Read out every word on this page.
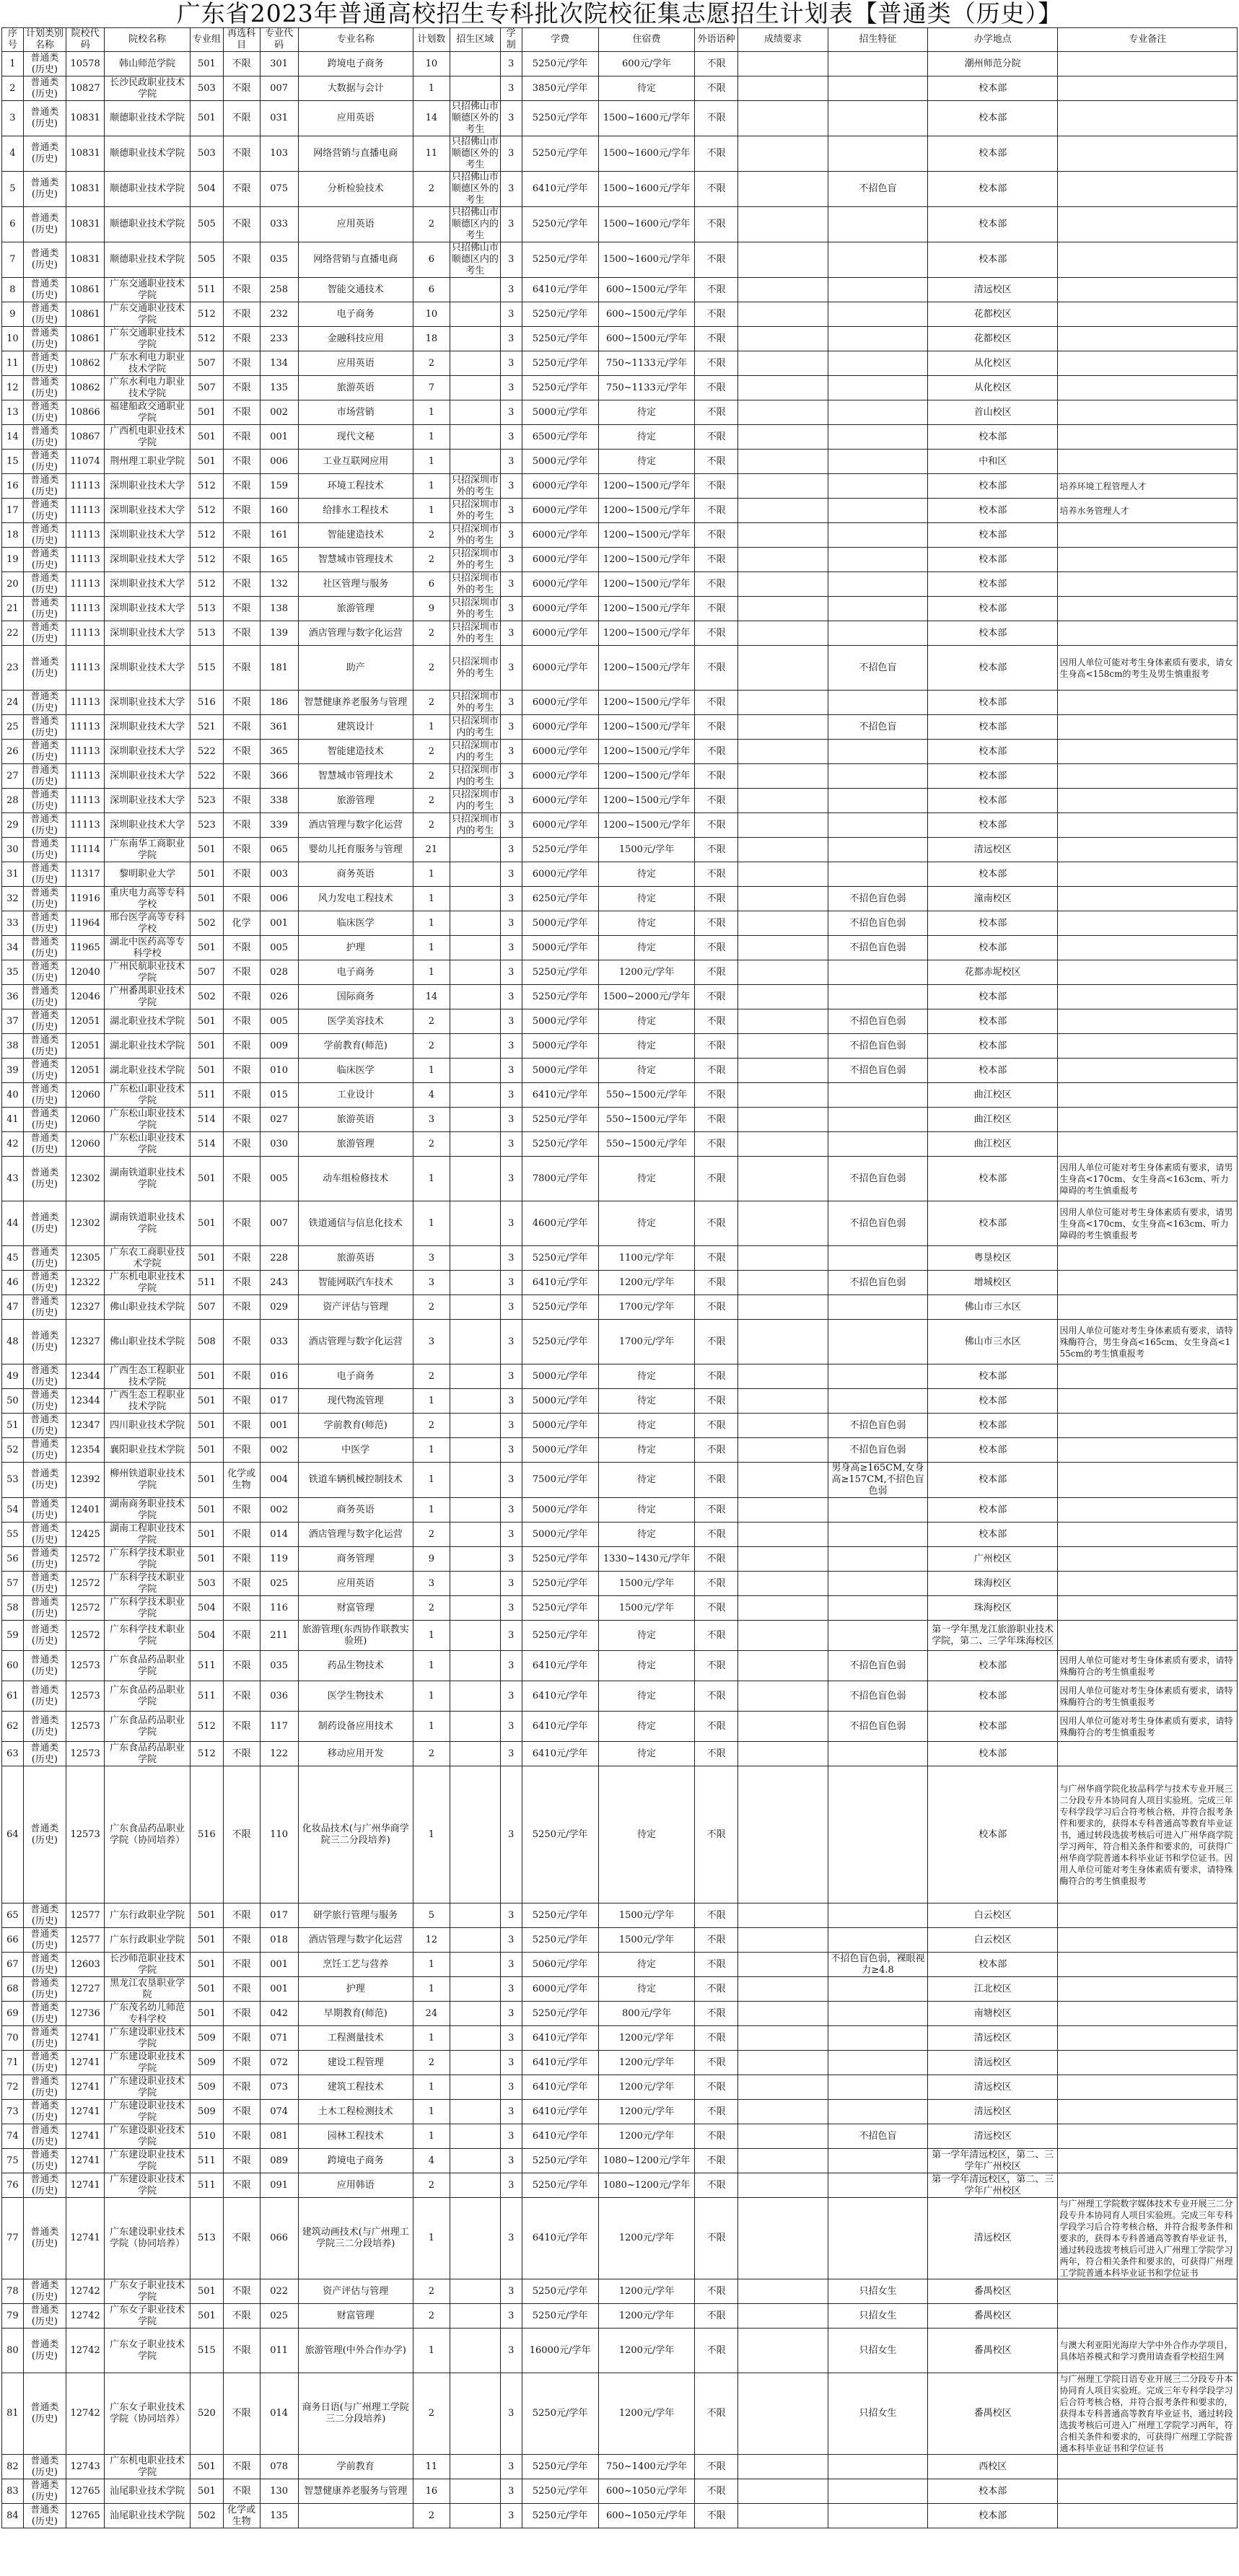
广东省2023年普通高校招生专科批次院校征集志愿招生计划表【普通类（历史）】
序号	计划类别名称	院校代码	院校名称	专业组	再选科目	专业代码	专业名称	计划数	招生区域	学制	学费	住宿费	外语语种	成绩要求	招生特征	办学地点	专业备注
1	普通类(历史)	10578	韩山师范学院	501	不限	301	跨境电子商务	10		3	5250元/学年	600元/学年	不限			潮州师范分院	
2	普通类(历史)	10827	长沙民政职业技术学院	503	不限	007	大数据与会计	1		3	3850元/学年	待定	不限			校本部	
3	普通类(历史)	10831	顺德职业技术学院	501	不限	031	应用英语	14	只招佛山市顺德区外的考生	3	5250元/学年	1500~1600元/学年	不限			校本部	
4	普通类(历史)	10831	顺德职业技术学院	503	不限	103	网络营销与直播电商	11	只招佛山市顺德区外的考生	3	5250元/学年	1500~1600元/学年	不限			校本部	
5	普通类(历史)	10831	顺德职业技术学院	504	不限	075	分析检验技术	2	只招佛山市顺德区外的考生	3	6410元/学年	1500~1600元/学年	不限		不招色盲	校本部	
6	普通类(历史)	10831	顺德职业技术学院	505	不限	033	应用英语	2	只招佛山市顺德区内的考生	3	5250元/学年	1500~1600元/学年	不限			校本部	
7	普通类(历史)	10831	顺德职业技术学院	505	不限	035	网络营销与直播电商	6	只招佛山市顺德区内的考生	3	5250元/学年	1500~1600元/学年	不限			校本部	
8	普通类(历史)	10861	广东交通职业技术学院	511	不限	258	智能交通技术	6		3	6410元/学年	600~1500元/学年	不限			清远校区	
9	普通类(历史)	10861	广东交通职业技术学院	512	不限	232	电子商务	10		3	5250元/学年	600~1500元/学年	不限			花都校区	
10	普通类(历史)	10861	广东交通职业技术学院	512	不限	233	金融科技应用	18		3	5250元/学年	600~1500元/学年	不限			花都校区	
11	普通类(历史)	10862	广东水利电力职业技术学院	507	不限	134	应用英语	2		3	5250元/学年	750~1133元/学年	不限			从化校区	
12	普通类(历史)	10862	广东水利电力职业技术学院	507	不限	135	旅游英语	7		3	5250元/学年	750~1133元/学年	不限			从化校区	
13	普通类(历史)	10866	福建船政交通职业学院	501	不限	002	市场营销	1		3	5000元/学年	待定	不限			首山校区	
14	普通类(历史)	10867	广西机电职业技术学院	501	不限	001	现代文秘	1		3	6500元/学年	待定	不限			校本部	
15	普通类(历史)	11074	荆州理工职业学院	501	不限	006	工业互联网应用	1		3	5000元/学年	待定	不限			中和区	
16	普通类(历史)	11113	深圳职业技术大学	512	不限	159	环境工程技术	1	只招深圳市外的考生	3	6000元/学年	1200~1500元/学年	不限			校本部	培养环境工程管理人才
17	普通类(历史)	11113	深圳职业技术大学	512	不限	160	给排水工程技术	1	只招深圳市外的考生	3	6000元/学年	1200~1500元/学年	不限			校本部	培养水务管理人才
18	普通类(历史)	11113	深圳职业技术大学	512	不限	161	智能建造技术	2	只招深圳市外的考生	3	6000元/学年	1200~1500元/学年	不限			校本部	
19	普通类(历史)	11113	深圳职业技术大学	512	不限	165	智慧城市管理技术	2	只招深圳市外的考生	3	6000元/学年	1200~1500元/学年	不限			校本部	
20	普通类(历史)	11113	深圳职业技术大学	512	不限	132	社区管理与服务	6	只招深圳市外的考生	3	6000元/学年	1200~1500元/学年	不限			校本部	
21	普通类(历史)	11113	深圳职业技术大学	513	不限	138	旅游管理	9	只招深圳市外的考生	3	6000元/学年	1200~1500元/学年	不限			校本部	
22	普通类(历史)	11113	深圳职业技术大学	513	不限	139	酒店管理与数字化运营	2	只招深圳市外的考生	3	6000元/学年	1200~1500元/学年	不限			校本部	
23	普通类(历史)	11113	深圳职业技术大学	515	不限	181	助产	2	只招深圳市外的考生	3	6000元/学年	1200~1500元/学年	不限		不招色盲	校本部	因用人单位可能对考生身体素质有要求，请女生身高<158cm的考生及男生慎重报考
24	普通类(历史)	11113	深圳职业技术大学	516	不限	186	智慧健康养老服务与管理	2	只招深圳市外的考生	3	6000元/学年	1200~1500元/学年	不限			校本部	
25	普通类(历史)	11113	深圳职业技术大学	521	不限	361	建筑设计	1	只招深圳市内的考生	3	6000元/学年	1200~1500元/学年	不限		不招色盲	校本部	
26	普通类(历史)	11113	深圳职业技术大学	522	不限	365	智能建造技术	2	只招深圳市内的考生	3	6000元/学年	1200~1500元/学年	不限			校本部	
27	普通类(历史)	11113	深圳职业技术大学	522	不限	366	智慧城市管理技术	2	只招深圳市内的考生	3	6000元/学年	1200~1500元/学年	不限			校本部	
28	普通类(历史)	11113	深圳职业技术大学	523	不限	338	旅游管理	2	只招深圳市内的考生	3	6000元/学年	1200~1500元/学年	不限			校本部	
29	普通类(历史)	11113	深圳职业技术大学	523	不限	339	酒店管理与数字化运营	2	只招深圳市内的考生	3	6000元/学年	1200~1500元/学年	不限			校本部	
30	普通类(历史)	11114	广东南华工商职业学院	501	不限	065	婴幼儿托育服务与管理	21		3	5250元/学年	1500元/学年	不限			清远校区	
31	普通类(历史)	11317	黎明职业大学	501	不限	003	商务英语	1		3	6000元/学年	待定	不限			校本部	
32	普通类(历史)	11916	重庆电力高等专科学校	501	不限	006	风力发电工程技术	1		3	6250元/学年	待定	不限		不招色盲色弱	潼南校区	
33	普通类(历史)	11964	邢台医学高等专科学校	502	化学	001	临床医学	1		3	5000元/学年	待定	不限		不招色盲色弱	校本部	
34	普通类(历史)	11965	湖北中医药高等专科学校	501	不限	005	护理	1		3	5000元/学年	待定	不限		不招色盲色弱	校本部	
35	普通类(历史)	12040	广州民航职业技术学院	507	不限	028	电子商务	1		3	5250元/学年	1200元/学年	不限			花都赤坭校区	
36	普通类(历史)	12046	广州番禺职业技术学院	502	不限	026	国际商务	14		3	5250元/学年	1500~2000元/学年	不限			校本部	
37	普通类(历史)	12051	湖北职业技术学院	501	不限	005	医学美容技术	2		3	5000元/学年	待定	不限		不招色盲色弱	校本部	
38	普通类(历史)	12051	湖北职业技术学院	501	不限	009	学前教育(师范)	2		3	5000元/学年	待定	不限		不招色盲色弱	校本部	
39	普通类(历史)	12051	湖北职业技术学院	501	不限	010	临床医学	1		3	5000元/学年	待定	不限		不招色盲色弱	校本部	
40	普通类(历史)	12060	广东松山职业技术学院	511	不限	015	工业设计	4		3	6410元/学年	550~1500元/学年	不限			曲江校区	
41	普通类(历史)	12060	广东松山职业技术学院	514	不限	027	旅游英语	3		3	5250元/学年	550~1500元/学年	不限			曲江校区	
42	普通类(历史)	12060	广东松山职业技术学院	514	不限	030	旅游管理	2		3	5250元/学年	550~1500元/学年	不限			曲江校区	
43	普通类(历史)	12302	湖南铁道职业技术学院	501	不限	005	动车组检修技术	1		3	7800元/学年	待定	不限		不招色盲色弱	校本部	因用人单位可能对考生身体素质有要求，请男生身高<170cm、女生身高<163cm、听力障碍的考生慎重报考
44	普通类(历史)	12302	湖南铁道职业技术学院	501	不限	007	铁道通信与信息化技术	1		3	4600元/学年	待定	不限		不招色盲色弱	校本部	因用人单位可能对考生身体素质有要求，请男生身高<170cm、女生身高<163cm、听力障碍的考生慎重报考
45	普通类(历史)	12305	广东农工商职业技术学院	501	不限	228	旅游英语	3		3	5250元/学年	1100元/学年	不限			粤垦校区	
46	普通类(历史)	12322	广东机电职业技术学院	511	不限	243	智能网联汽车技术	3		3	6410元/学年	1200元/学年	不限		不招色盲色弱	增城校区	
47	普通类(历史)	12327	佛山职业技术学院	507	不限	029	资产评估与管理	2		3	5250元/学年	1700元/学年	不限			佛山市三水区	
48	普通类(历史)	12327	佛山职业技术学院	508	不限	033	酒店管理与数字化运营	3		3	5250元/学年	1700元/学年	不限			佛山市三水区	因用人单位可能对考生身体素质有要求，请特殊酶符合，男生身高<165cm、女生身高<155cm的考生慎重报考
49	普通类(历史)	12344	广西生态工程职业技术学院	501	不限	016	电子商务	2		3	5000元/学年	待定	不限			校本部	
50	普通类(历史)	12344	广西生态工程职业技术学院	501	不限	017	现代物流管理	1		3	5000元/学年	待定	不限			校本部	
51	普通类(历史)	12347	四川职业技术学院	501	不限	001	学前教育(师范)	2		3	5000元/学年	待定	不限		不招色盲色弱	校本部	
52	普通类(历史)	12354	襄阳职业技术学院	501	不限	002	中医学	1		3	5000元/学年	待定	不限		不招色盲色弱	校本部	
53	普通类(历史)	12392	柳州铁道职业技术学院	501	化学或生物	004	铁道车辆机械控制技术	1		3	7500元/学年	待定	不限		男身高≥165CM,女身高≥157CM,不招色盲色弱	校本部	
54	普通类(历史)	12401	湖南商务职业技术学院	501	不限	002	商务英语	1		3	5000元/学年	待定	不限			校本部	
55	普通类(历史)	12425	湖南工程职业技术学院	501	不限	014	酒店管理与数字化运营	2		3	5000元/学年	待定	不限			校本部	
56	普通类(历史)	12572	广东科学技术职业学院	501	不限	119	商务管理	9		3	5250元/学年	1330~1430元/学年	不限			广州校区	
57	普通类(历史)	12572	广东科学技术职业学院	503	不限	025	应用英语	3		3	5250元/学年	1500元/学年	不限			珠海校区	
58	普通类(历史)	12572	广东科学技术职业学院	504	不限	116	财富管理	2		3	5250元/学年	1500元/学年	不限			珠海校区	
59	普通类(历史)	12572	广东科学技术职业学院	504	不限	211	旅游管理(东西协作联教实验班)	1		3	5250元/学年	待定	不限			第一学年黑龙江旅游职业技术学院，第二、三学年珠海校区	
60	普通类(历史)	12573	广东食品药品职业学院	511	不限	035	药品生物技术	1		3	6410元/学年	待定	不限		不招色盲色弱	校本部	因用人单位可能对考生身体素质有要求，请特殊酶符合的考生慎重报考
61	普通类(历史)	12573	广东食品药品职业学院	511	不限	036	医学生物技术	1		3	6410元/学年	待定	不限		不招色盲色弱	校本部	因用人单位可能对考生身体素质有要求，请特殊酶符合的考生慎重报考
62	普通类(历史)	12573	广东食品药品职业学院	512	不限	117	制药设备应用技术	1		3	6410元/学年	待定	不限		不招色盲色弱	校本部	因用人单位可能对考生身体素质有要求，请特殊酶符合的考生慎重报考
63	普通类(历史)	12573	广东食品药品职业学院	512	不限	122	移动应用开发	2		3	6410元/学年	待定	不限			校本部	
64	普通类(历史)	12573	广东食品药品职业学院（协同培养）	516	不限	110	化妆品技术(与广州华商学院三二分段培养)	1		3	5250元/学年	待定	不限			校本部	与广州华商学院化妆品科学与技术专业开展三二分段专升本协同育人项目实验班。完成三年专科学段学习后合符考核合格，并符合报考条件和要求的，获得本专科普通高等教育毕业证书，通过转段选拔考核后可进入广州华商学院学习两年，符合相关条件和要求的，可获得广州华商学院普通本科毕业证书和学位证书。因用人单位可能对考生身体素质有要求，请特殊酶符合的考生慎重报考
65	普通类(历史)	12577	广东行政职业学院	501	不限	017	研学旅行管理与服务	5		3	5250元/学年	1500元/学年	不限			白云校区	
66	普通类(历史)	12577	广东行政职业学院	501	不限	018	酒店管理与数字化运营	12		3	5250元/学年	1500元/学年	不限			白云校区	
67	普通类(历史)	12603	长沙师范职业技术学院	501	不限	001	烹饪工艺与营养	1		3	5060元/学年	待定	不限		不招色盲色弱，裸眼视力≥4.8	校本部	
68	普通类(历史)	12727	黑龙江农垦职业学院	501	不限	001	护理	1		3	6000元/学年	待定	不限			江北校区	
69	普通类(历史)	12736	广东茂名幼儿师范专科学校	501	不限	042	早期教育(师范)	24		3	5250元/学年	800元/学年	不限			南塘校区	
70	普通类(历史)	12741	广东建设职业技术学院	509	不限	071	工程测量技术	1		3	6410元/学年	1200元/学年	不限			清远校区	
71	普通类(历史)	12741	广东建设职业技术学院	509	不限	072	建设工程管理	2		3	6410元/学年	1200元/学年	不限			清远校区	
72	普通类(历史)	12741	广东建设职业技术学院	509	不限	073	建筑工程技术	1		3	6410元/学年	1200元/学年	不限			清远校区	
73	普通类(历史)	12741	广东建设职业技术学院	509	不限	074	土木工程检测技术	1		3	6410元/学年	1200元/学年	不限			清远校区	
74	普通类(历史)	12741	广东建设职业技术学院	510	不限	081	园林工程技术	1		3	6410元/学年	1200元/学年	不限		不招色盲	清远校区	
75	普通类(历史)	12741	广东建设职业技术学院	511	不限	089	跨境电子商务	4		3	5250元/学年	1080~1200元/学年	不限			第一学年清远校区，第二、三学年广州校区	
76	普通类(历史)	12741	广东建设职业技术学院	511	不限	091	应用韩语	2		3	5250元/学年	1080~1200元/学年	不限			第一学年清远校区，第二、三学年广州校区	
77	普通类(历史)	12741	广东建设职业技术学院（协同培养）	513	不限	066	建筑动画技术(与广州理工学院三二分段培养)	1		3	6410元/学年	1200元/学年	不限			清远校区	与广州理工学院数字媒体技术专业开展三二分段专升本协同育人项目实验班。完成三年专科学段学习后合符考核合格，并符合报考条件和要求的，获得本专科普通高等教育毕业证书，通过转段选拔考核后可进入广州理工学院学习两年，符合相关条件和要求的，可获得广州理工学院普通本科毕业证书和学位证书
78	普通类(历史)	12742	广东女子职业技术学院	501	不限	022	资产评估与管理	2		3	5250元/学年	1200元/学年	不限		只招女生	番禺校区	
79	普通类(历史)	12742	广东女子职业技术学院	501	不限	025	财富管理	2		3	5250元/学年	1200元/学年	不限		只招女生	番禺校区	
80	普通类(历史)	12742	广东女子职业技术学院	515	不限	011	旅游管理(中外合作办学)	1		3	16000元/学年	1200元/学年	不限		只招女生	番禺校区	与澳大利亚阳光海岸大学中外合作办学项目，具体培养模式和学习费用请查看学校招生网
81	普通类(历史)	12742	广东女子职业技术学院（协同培养）	520	不限	014	商务日语(与广州理工学院三二分段培养)	2		3	5250元/学年	1200元/学年	不限		只招女生	番禺校区	与广州理工学院日语专业开展三二分段专升本协同育人项目实验班。完成三年专科学段学习后合符考核合格，并符合报考条件和要求的，获得本专科普通高等教育毕业证书，通过转段选拔考核后可进入广州理工学院学习两年，符合相关条件和要求的，可获得广州理工学院普通本科毕业证书和学位证书
82	普通类(历史)	12743	广东机电职业技术学院	501	不限	078	学前教育	11		3	5250元/学年	750~1400元/学年	不限			西校区	
83	普通类(历史)	12765	汕尾职业技术学院	501	不限	130	智慧健康养老服务与管理	16		3	5250元/学年	600~1050元/学年	不限			校本部	
84	普通类(历史)	12765	汕尾职业技术学院	502	化学或生物	135		2		3	5250元/学年	600~1050元/学年	不限			校本部	
